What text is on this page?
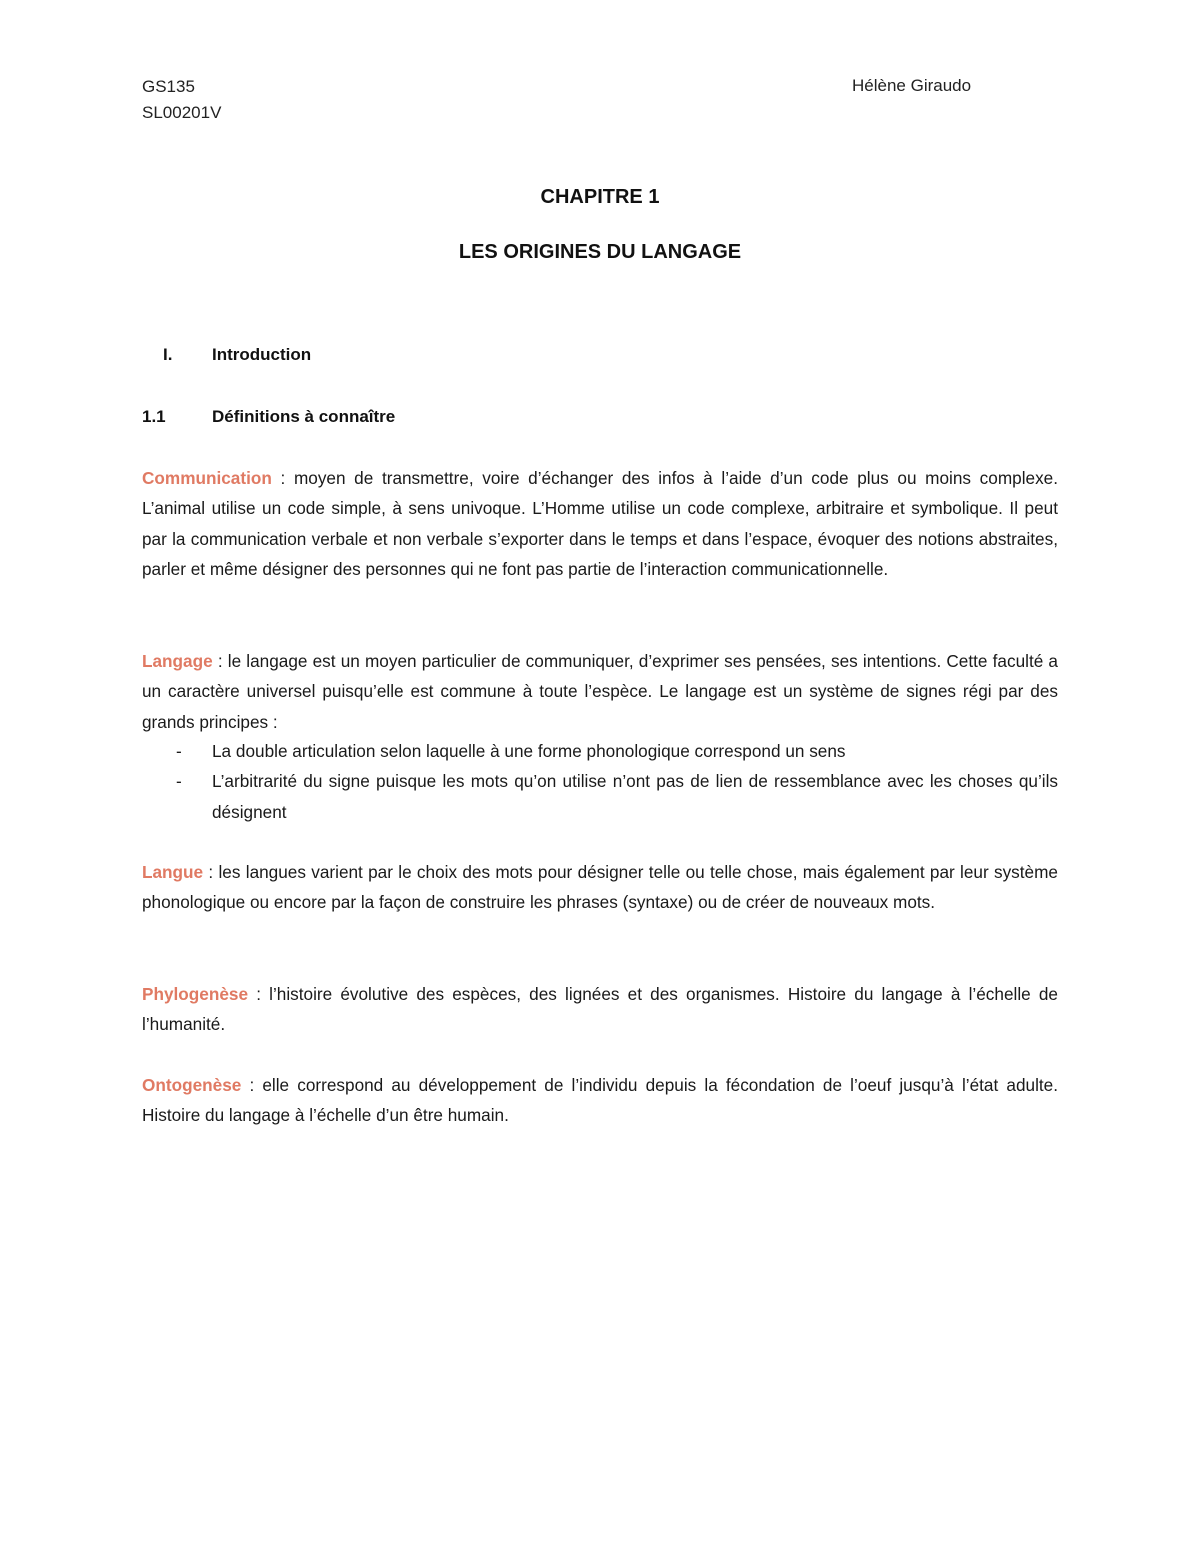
GS135
SL00201V
Hélène Giraudo
CHAPITRE 1
LES ORIGINES DU LANGAGE
I. Introduction
1.1	Définitions à connaître
Communication : moyen de transmettre, voire d’échanger des infos à l’aide d’un code plus ou moins complexe. L’animal utilise un code simple, à sens univoque. L’Homme utilise un code complexe, arbitraire et symbolique. Il peut par la communication verbale et non verbale s’exporter dans le temps et dans l’espace, évoquer des notions abstraites, parler et même désigner des personnes qui ne font pas partie de l’interaction communicationnelle.
Langage : le langage est un moyen particulier de communiquer, d’exprimer ses pensées, ses intentions. Cette faculté a un caractère universel puisqu’elle est commune à toute l’espèce. Le langage est un système de signes régi par des grands principes :
- La double articulation selon laquelle à une forme phonologique correspond un sens
- L’arbitrarité du signe puisque les mots qu’on utilise n’ont pas de lien de ressemblance avec les choses qu’ils désignent
Langue : les langues varient par le choix des mots pour désigner telle ou telle chose, mais également par leur système phonologique ou encore par la façon de construire les phrases (syntaxe) ou de créer de nouveaux mots.
Phylogenèse : l’histoire évolutive des espèces, des lignées et des organismes. Histoire du langage à l’échelle de l’humanité.
Ontogenèse : elle correspond au développement de l’individu depuis la fécondation de l’oeuf jusqu’à l’état adulte. Histoire du langage à l’échelle d’un être humain.
